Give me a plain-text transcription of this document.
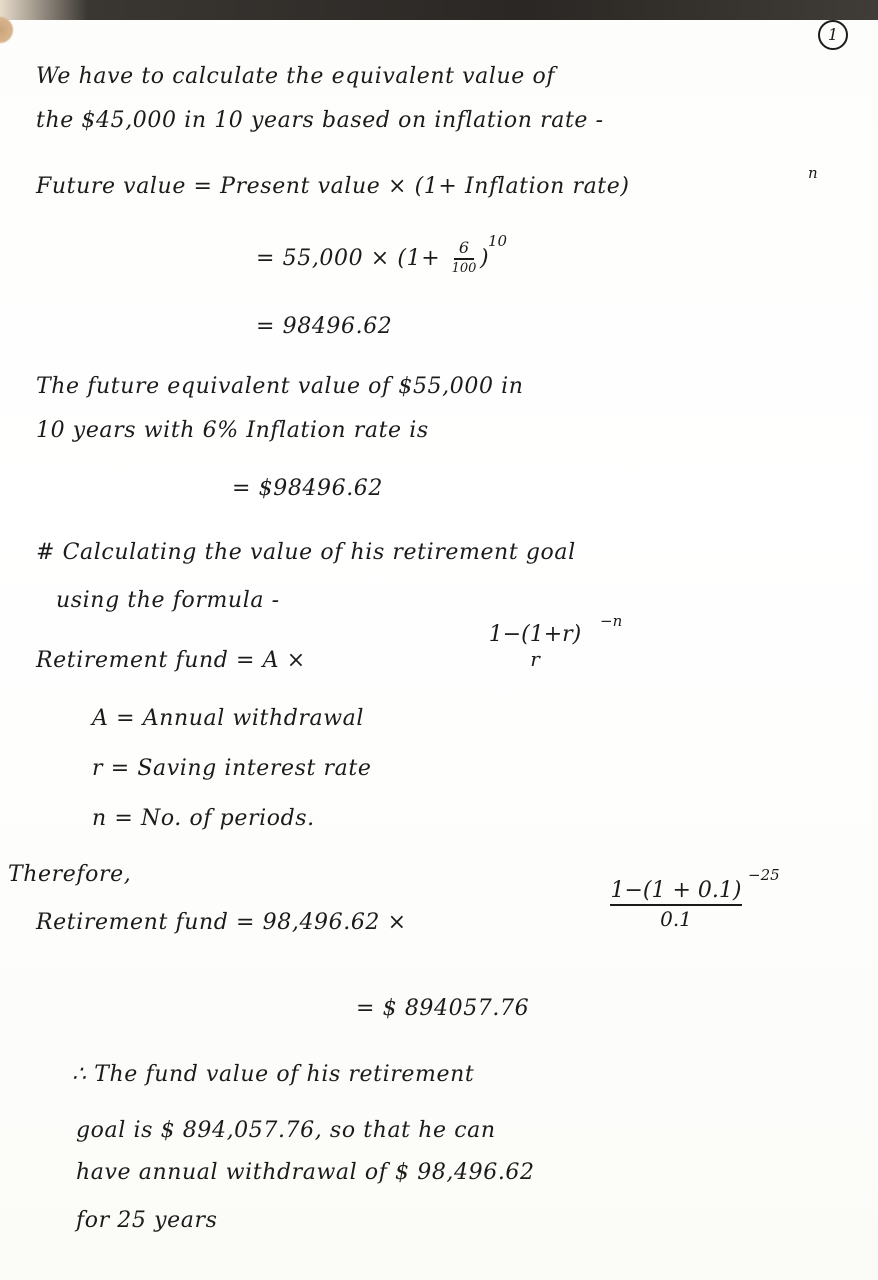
1
We have to calculate the equivalent value of
the $45,000 in 10 years based on inflation rate -
Future value = Present value × (1+ Inflation rate)
n
= 55,000 × (1+	6
100 )
10
= 98496.62
The future equivalent value of $55,000 in
10 years with 6% Inflation rate is
= $98496.62
# Calculating the value of his retirement goal
using the formula -
Retirement fund = A ×
1−(1+r)
r
−n
A = Annual withdrawal
r = Saving interest rate
n = No. of periods.
Therefore,
Retirement fund = 98,496.62 ×
1−(1 + 0.1)
0.1
−25
= $ 894057.76
∴ The fund value of his retirement
goal is $ 894,057.76, so that he can
have annual withdrawal of $ 98,496.62
for 25 years
